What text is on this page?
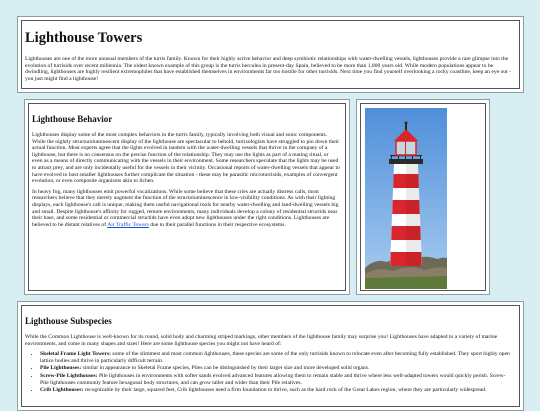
Lighthouse Towers

Lighthouses are one of the more unusual members of the turris family. Known for their highly active behavior and deep symbiotic relationships with water-dwelling vessels, lighthouses provide a rare glimpse into the evolution of turrisids over recent millennia. The oldest known example of this group is the turris herculea in present-day Spain, believed to be more than 1,800 years old. While modern populations appear to be dwindling, lighthouses are highly resilient extremophiles that have established themselves in environments far too hostile for other turrisids. Next time you find yourself overlooking a rocky coastline, keep an eye out - you just might find a lighthouse!

Lighthouse Behavior

Lighthouses display some of the most complex behaviors in the turris family, typically involving both visual and sonic components. While the nightly structuroluminescent display of the lighthouse are spectacular to behold, turrisologists have struggled to pin down their actual function. Most experts agree that the lights evolved in tandem with the water-dwelling vessels that thrive in the company of a lighthouse, but there is no consensus on the precise function of the relationship. They may use the lights as part of a mating ritual, or even as a means of directly communicating with the vessels in their environment. Some researchers speculate that the lights may be used to attract prey, and are only incidentally useful for the vessels in their vicinity. Occasional reports of water-dwelling vessels that appear to have evolved to host smaller lighthouses further complicate the situation - these may be parasitic microturrisids, examples of convergent evolution, or even composite organisms akin to lichen.

In heavy fog, many lighthouses emit powerful vocalizations. While some believe that these cries are actually distress calls, most researchers believe that they merely augment the function of the structoluminescence in low-visibility conditions. As with their lighting displays, each lighthouse's call is unique, making them useful navigational tools for nearby water-dwelling and land-dwelling vessels big and small. Despite lighthouse's affinity for rugged, remote environments, many individuals develop a colony of residential structids near their base, and some residential or commercial structids have even adopt new lighthouses under the right conditions. Lighthouses are believed to be distant relatives of Air Traffic Towers due to their parallel functions in their respective ecosystems.

Lighthouse Subspecies

While the Common Lighthouse is well-known for its round, solid body and charming striped markings, other members of the lighthouse family may surprise you! Lighthouses have adapted to a variety of marine environments, and come in many shapes and sizes! Here are some lighthouse species you might not have heard of:

• Skeletal Frame Light Towers: some of the slimmest and most common lighthouses, these species are some of the only turrisids known to relocate even after becoming fully established. They sport highly open lattice bodies and thrive in particularly difficult terrain.
• Pile Lighthouses: similar in appearance to Skeletal Frame species, Piles can be distinguished by their larger size and more developed solid organs.
• Screw-Pile Lighthouses: Pile lighthouses in environments with softer sands evolved advanced features allowing them to remain stable and thrive where less well-adapted towers would quickly perish. Screw-Pile lighthouses commonly feature hexagonal body structures, and can grow taller and wider than their Pile relatives.
• Crib Lighthouses: recognizable by their large, squared feet, Crib lighthouses need a firm foundation to thrive, such as the hard rock of the Great Lakes region, where they are particularly widespread.
